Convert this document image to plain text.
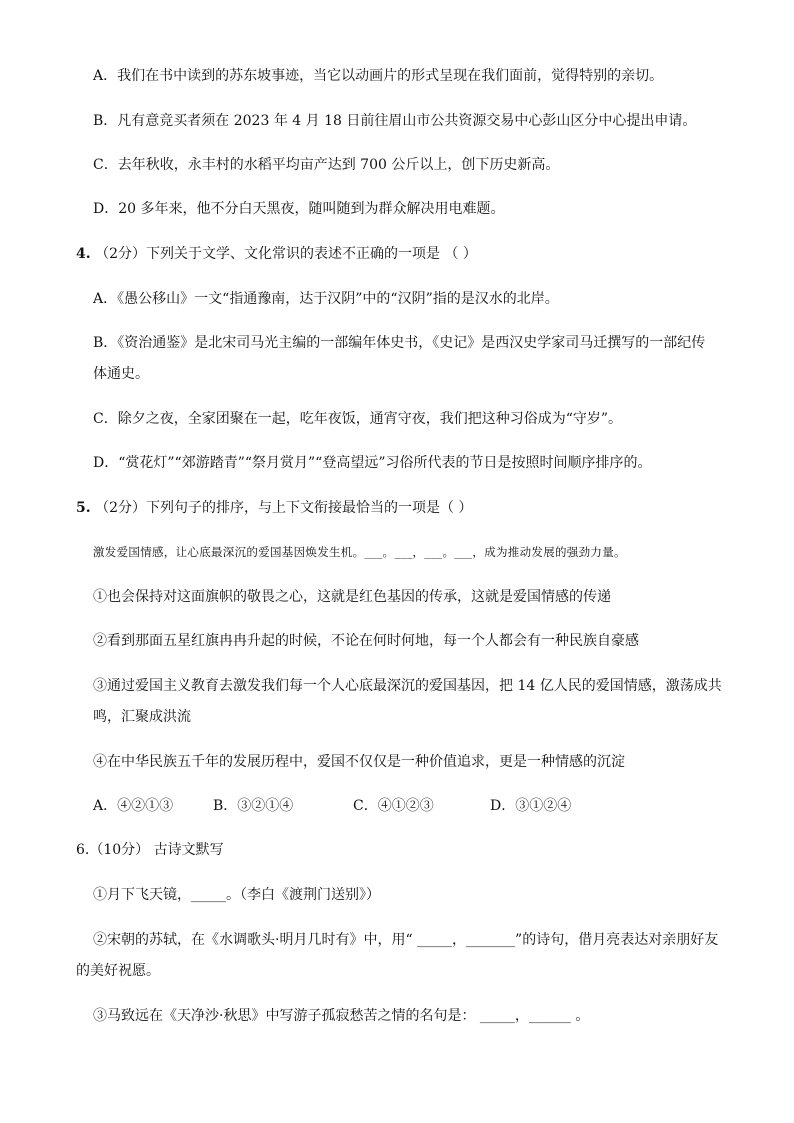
A．我们在书中读到的苏东坡事迹，当它以动画片的形式呈现在我们面前，觉得特别的亲切。
B．凡有意竞买者须在 2023 年 4 月 18 日前往眉山市公共资源交易中心彭山区分中心提出申请。
C．去年秋收，永丰村的水稻平均亩产达到 700 公斤以上，创下历史新高。
D．20 多年来，他不分白天黑夜，随叫随到为群众解决用电难题。
4. （2分）下列关于文学、文化常识的表述不正确的一项是 （ ）
A．《愚公移山》一文“指通豫南，达于汉阴”中的“汉阴”指的是汉水的北岸。
B．《资治通鉴》是北宋司马光主编的一部编年体史书，《史记》是西汉史学家司马迁撰写的一部纪传
体通史。
C．除夕之夜，全家团聚在一起，吃年夜饭，通宵守夜，我们把这种习俗成为“守岁”。
D．“赏花灯”“郊游踏青”“祭月赏月”“登高望远”习俗所代表的节日是按照时间顺序排序的。
5. （2分）下列句子的排序，与上下文衔接最恰当的一项是（ ）
激发爱国情感，让心底最深沉的爱国基因焕发生机。___。___，___。___，成为推动发展的强劲力量。
①也会保持对这面旗帜的敬畏之心，这就是红色基因的传承，这就是爱国情感的传递
②看到那面五星红旗冉冉升起的时候，不论在何时何地，每一个人都会有一种民族自豪感
③通过爱国主义教育去激发我们每一个人心底最深沉的爱国基因，把 14 亿人民的爱国情感，激荡成共
鸣，汇聚成洪流
④在中华民族五千年的发展历程中，爱国不仅仅是一种价值追求，更是一种情感的沉淀
A．④②①③	B．③②①④	C．④①②③	D．③①②④
6.（10分） 古诗文默写
①月下飞天镜，_____。（李白《渡荆门送别》）
②宋朝的苏轼，在《水调歌头·明月几时有》中，用“ _____，_______”的诗句，借月亮表达对亲朋好友
的美好祝愿。
③马致远在《天净沙·秋思》中写游子孤寂愁苦之情的名句是： _____，______ 。
